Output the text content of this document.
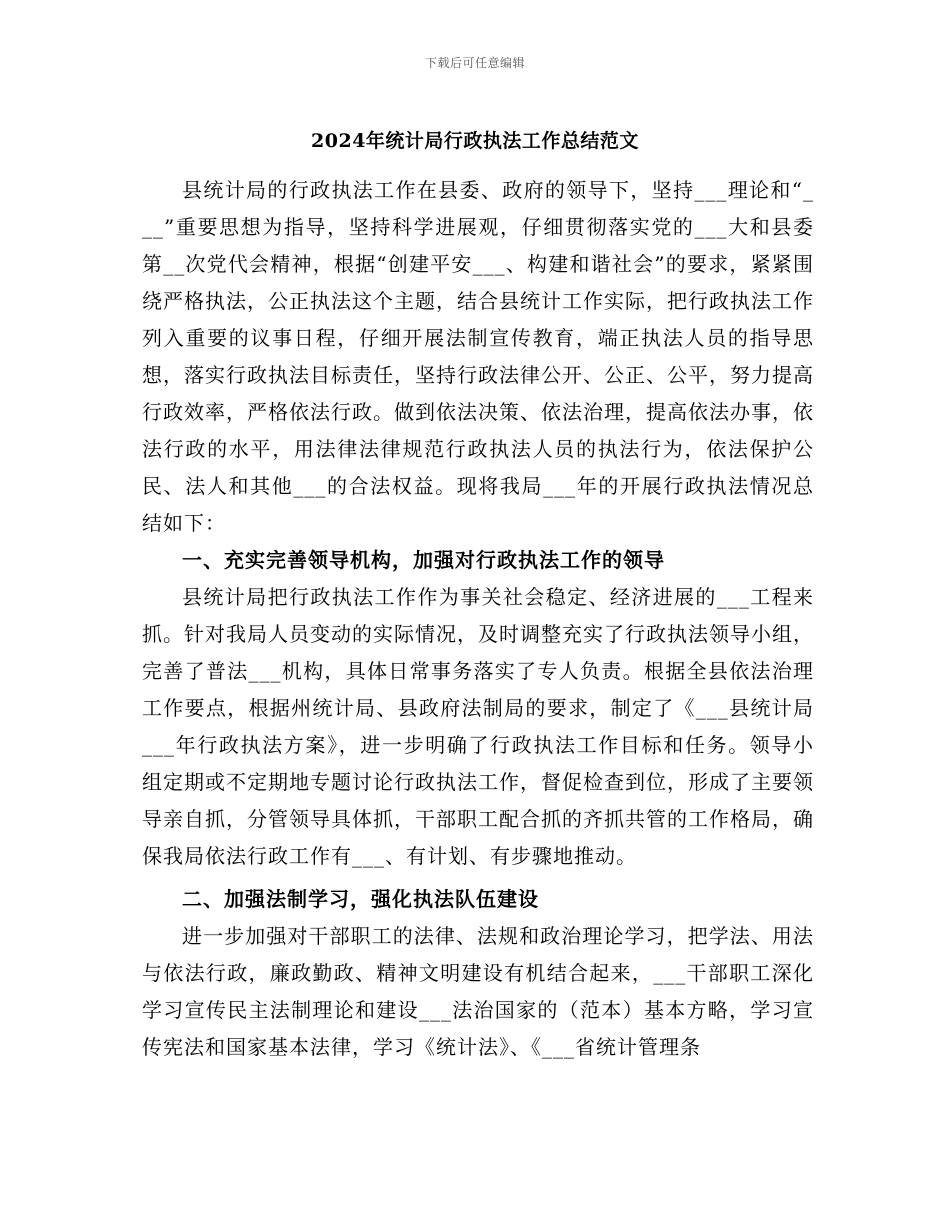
下载后可任意编辑
2024年统计局行政执法工作总结范文

县统计局的行政执法工作在县委、政府的领导下，坚持___理论和“___”重要思想为指导，坚持科学进展观，仔细贯彻落实党的___大和县委第__次党代会精神，根据“创建平安___、构建和谐社会”的要求，紧紧围绕严格执法，公正执法这个主题，结合县统计工作实际，把行政执法工作列入重要的议事日程，仔细开展法制宣传教育，端正执法人员的指导思想，落实行政执法目标责任，坚持行政法律公开、公正、公平，努力提高行政效率，严格依法行政。做到依法决策、依法治理，提高依法办事，依法行政的水平，用法律法律规范行政执法人员的执法行为，依法保护公民、法人和其他___的合法权益。现将我局___年的开展行政执法情况总结如下：

一、充实完善领导机构，加强对行政执法工作的领导

县统计局把行政执法工作作为事关社会稳定、经济进展的___工程来抓。针对我局人员变动的实际情况，及时调整充实了行政执法领导小组，完善了普法___机构，具体日常事务落实了专人负责。根据全县依法治理工作要点，根据州统计局、县政府法制局的要求，制定了《___县统计局___年行政执法方案》，进一步明确了行政执法工作目标和任务。领导小组定期或不定期地专题讨论行政执法工作，督促检查到位，形成了主要领导亲自抓，分管领导具体抓，干部职工配合抓的齐抓共管的工作格局，确保我局依法行政工作有___、有计划、有步骤地推动。

二、加强法制学习，强化执法队伍建设

进一步加强对干部职工的法律、法规和政治理论学习，把学法、用法与依法行政，廉政勤政、精神文明建设有机结合起来，___干部职工深化学习宣传民主法制理论和建设___法治国家的（范本）基本方略，学习宣传宪法和国家基本法律，学习《统计法》、《___省统计管理条
